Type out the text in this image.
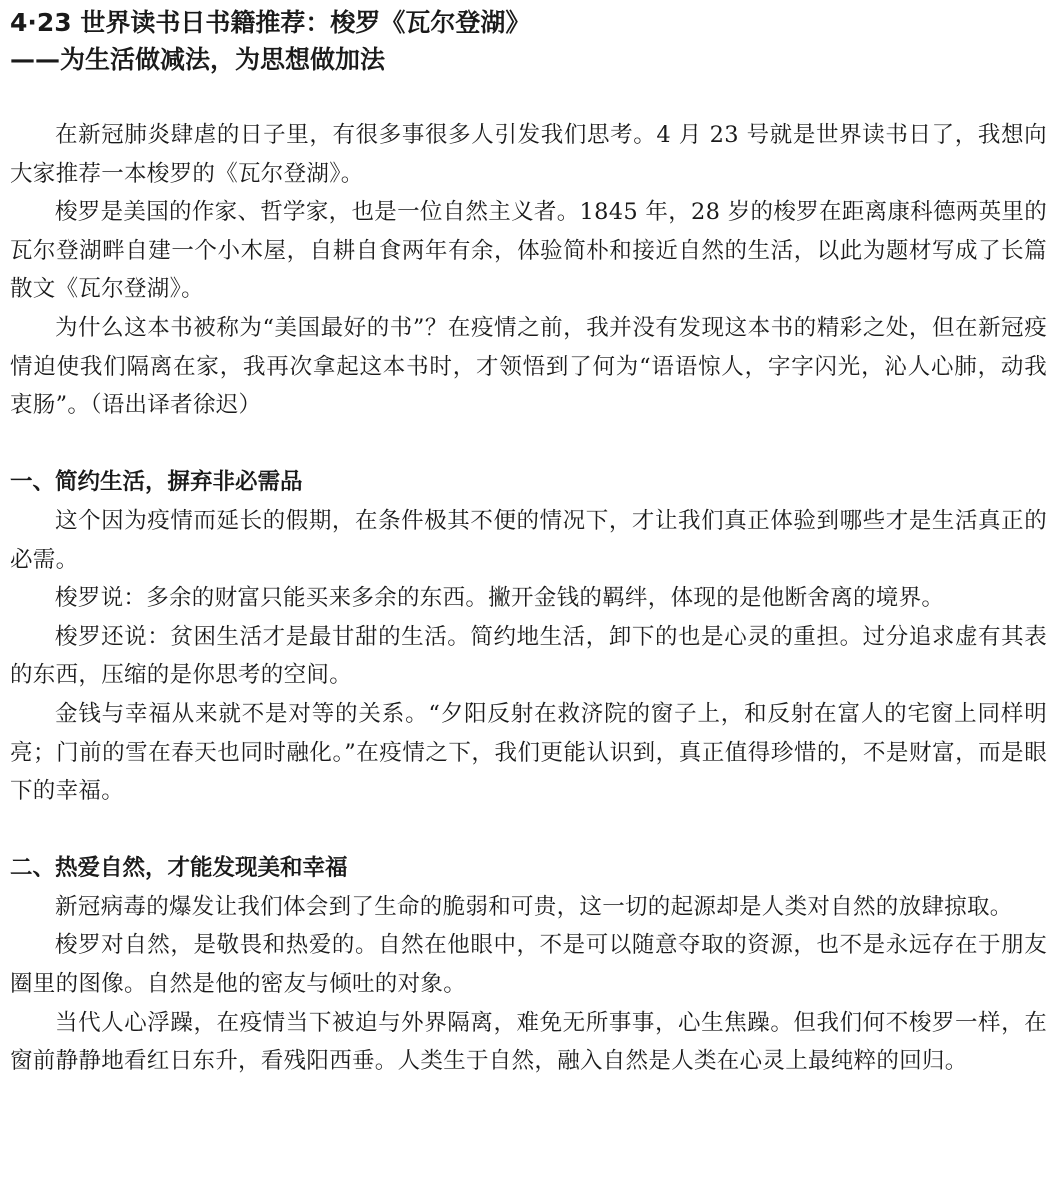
4·23 世界读书日书籍推荐：梭罗《瓦尔登湖》
——为生活做减法，为思想做加法

在新冠肺炎肆虐的日子里，有很多事很多人引发我们思考。4 月 23 号就是世界读书日了，我想向大家推荐一本梭罗的《瓦尔登湖》。

梭罗是美国的作家、哲学家，也是一位自然主义者。1845 年，28 岁的梭罗在距离康科德两英里的瓦尔登湖畔自建一个小木屋，自耕自食两年有余，体验简朴和接近自然的生活，以此为题材写成了长篇散文《瓦尔登湖》。

为什么这本书被称为“美国最好的书”？在疫情之前，我并没有发现这本书的精彩之处，但在新冠疫情迫使我们隔离在家，我再次拿起这本书时，才领悟到了何为“语语惊人，字字闪光，沁人心肺，动我衷肠”。（语出译者徐迟）

一、简约生活，摒弃非必需品

这个因为疫情而延长的假期，在条件极其不便的情况下，才让我们真正体验到哪些才是生活真正的必需。

梭罗说：多余的财富只能买来多余的东西。撇开金钱的羁绊，体现的是他断舍离的境界。

梭罗还说：贫困生活才是最甘甜的生活。简约地生活，卸下的也是心灵的重担。过分追求虚有其表的东西，压缩的是你思考的空间。

金钱与幸福从来就不是对等的关系。“夕阳反射在救济院的窗子上，和反射在富人的宅窗上同样明亮；门前的雪在春天也同时融化。”在疫情之下，我们更能认识到，真正值得珍惜的，不是财富，而是眼下的幸福。

二、热爱自然，才能发现美和幸福

新冠病毒的爆发让我们体会到了生命的脆弱和可贵，这一切的起源却是人类对自然的放肆掠取。

梭罗对自然，是敬畏和热爱的。自然在他眼中，不是可以随意夺取的资源，也不是永远存在于朋友圈里的图像。自然是他的密友与倾吐的对象。

当代人心浮躁，在疫情当下被迫与外界隔离，难免无所事事，心生焦躁。但我们何不梭罗一样，在窗前静静地看红日东升，看残阳西垂。人类生于自然，融入自然是人类在心灵上最纯粹的回归。
